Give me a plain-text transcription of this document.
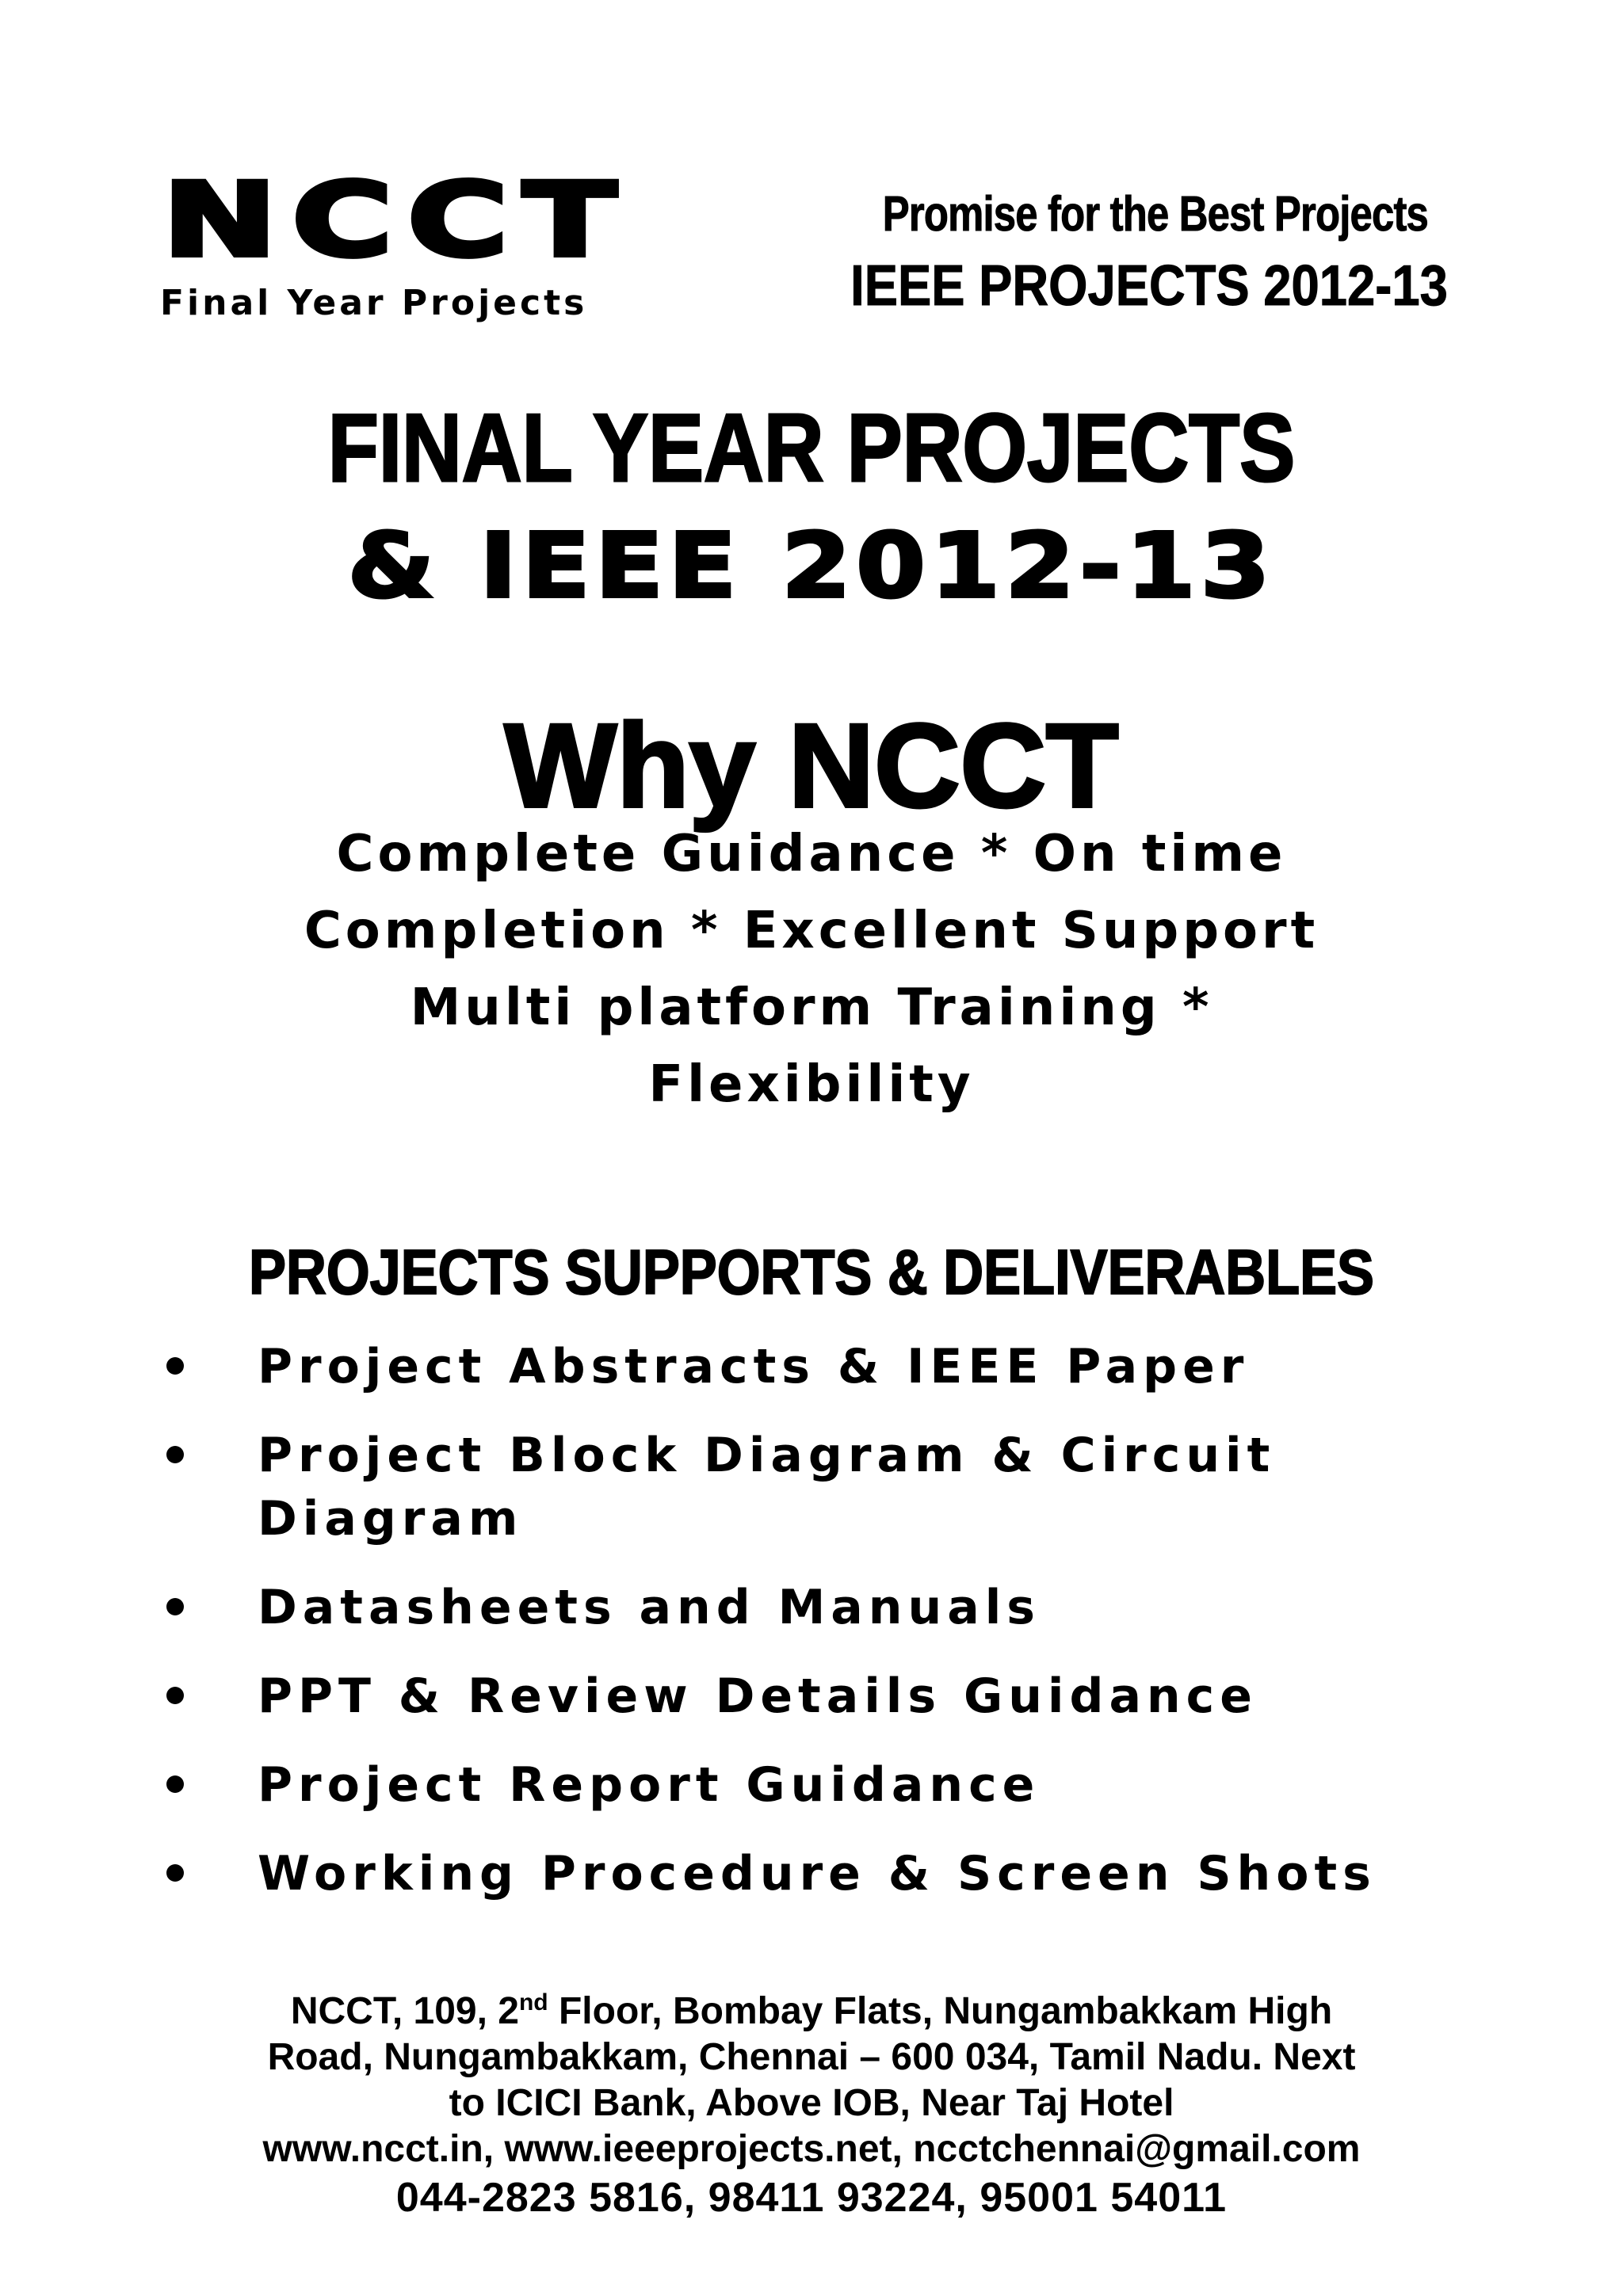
NCCT
Final Year Projects
Promise for the Best Projects
IEEE PROJECTS 2012-13
FINAL YEAR PROJECTS
& IEEE 2012-13
Why NCCT
Complete Guidance * On time
Completion * Excellent Support
Multi platform Training *
Flexibility
PROJECTS SUPPORTS & DELIVERABLES
Project Abstracts & IEEE Paper
Project Block Diagram & Circuit Diagram
Datasheets and Manuals
PPT & Review Details Guidance
Project Report Guidance
Working Procedure & Screen Shots
NCCT, 109, 2nd Floor, Bombay Flats, Nungambakkam High
Road, Nungambakkam, Chennai – 600 034, Tamil Nadu. Next
to ICICI Bank, Above IOB, Near Taj Hotel
www.ncct.in, www.ieeeprojects.net, ncctchennai@gmail.com
044-2823 5816, 98411 93224, 95001 54011
